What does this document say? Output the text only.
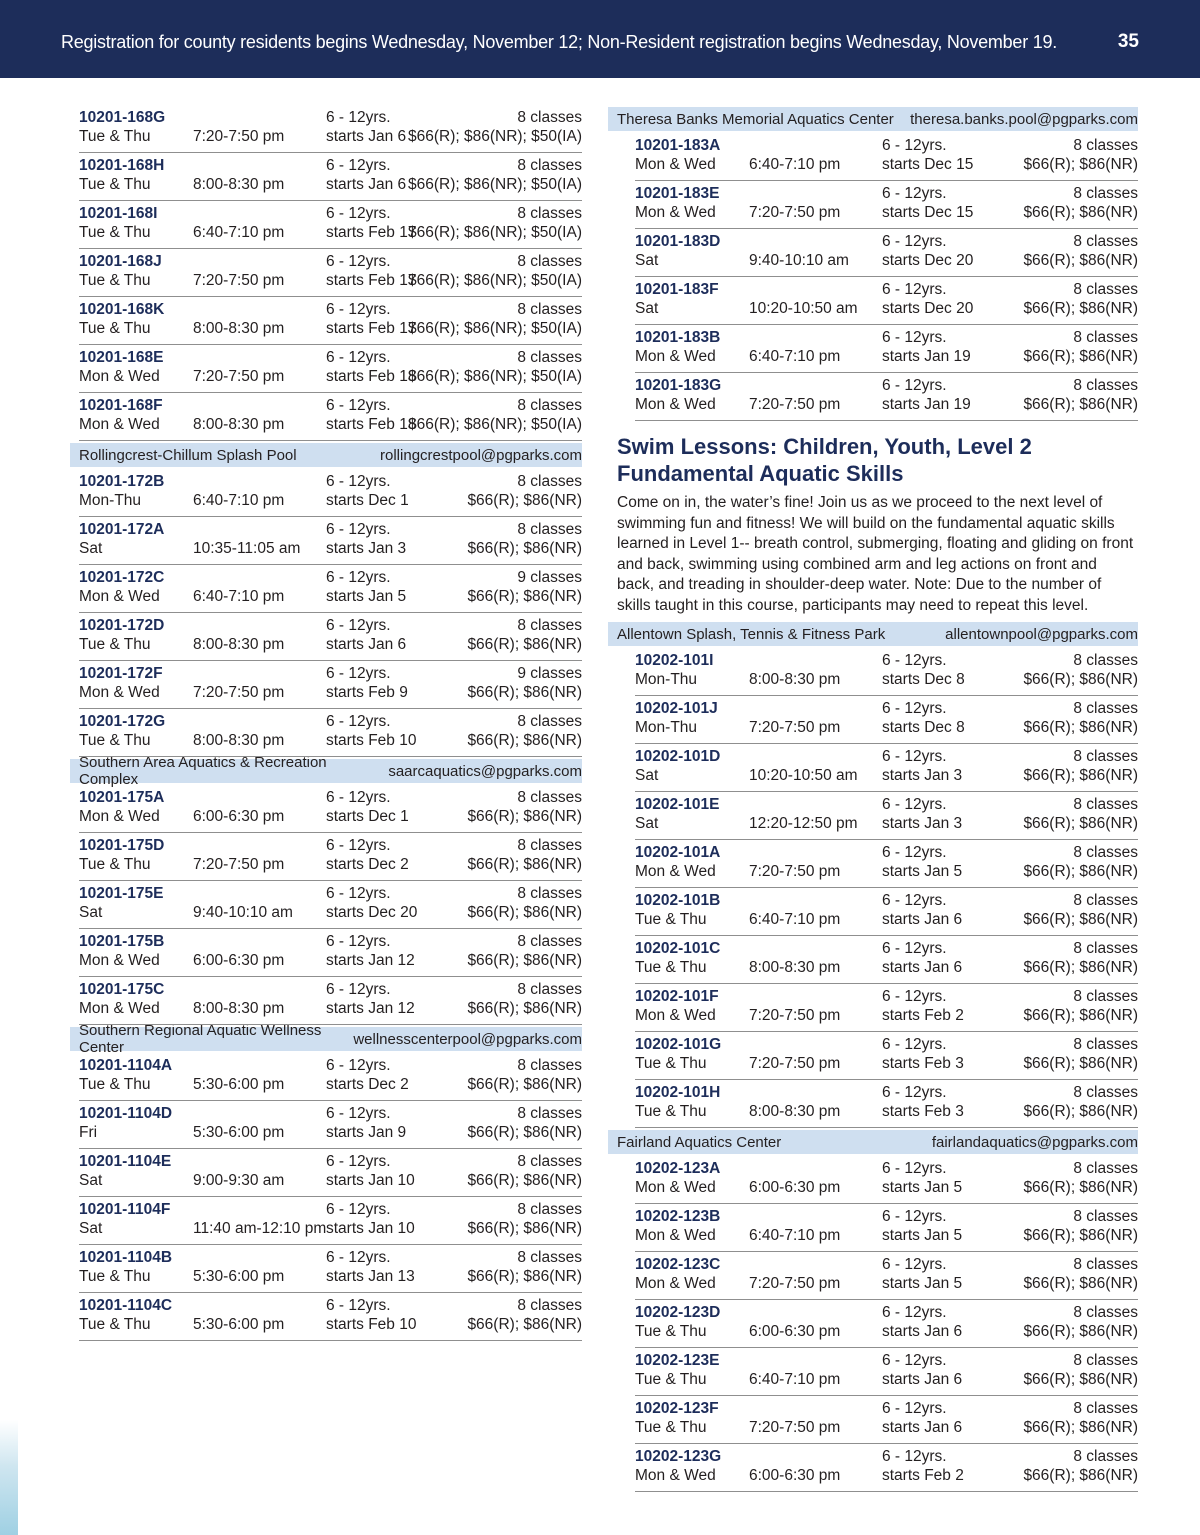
Registration for county residents begins Wednesday, November 12; Non-Resident registration begins Wednesday, November 19.	35
10201-168G	6 - 12yrs.	8 classes
Tue & Thu	7:20-7:50 pm	starts Jan 6 $66(R); $86(NR); $50(IA)
10201-168H	6 - 12yrs.	8 classes
Tue & Thu	8:00-8:30 pm	starts Jan 6 $66(R); $86(NR); $50(IA)
10201-168I	6 - 12yrs.	8 classes
Tue & Thu	6:40-7:10 pm	starts Feb 17
$66(R); $86(NR); $50(IA)
10201-168J	6 - 12yrs.	8 classes
Tue & Thu	7:20-7:50 pm	starts Feb 17
$66(R); $86(NR); $50(IA)
10201-168K	6 - 12yrs.	8 classes
Tue & Thu	8:00-8:30 pm	starts Feb 17
$66(R); $86(NR); $50(IA)
10201-168E	6 - 12yrs.	8 classes
Mon & Wed 7:20-7:50 pm	starts Feb 18
$66(R); $86(NR); $50(IA)
10201-168F	6 - 12yrs.	8 classes
Mon & Wed 8:00-8:30 pm	starts Feb 18
$66(R); $86(NR); $50(IA)
Rollingcrest-Chillum Splash Pool	rollingcrestpool@pgparks.com
10201-172B	6 - 12yrs.	8 classes
Mon-Thu	6:40-7:10 pm	starts Dec 1	$66(R); $86(NR)
10201-172A	6 - 12yrs.	8 classes
Sat	10:35-11:05 am starts Jan 3	$66(R); $86(NR)
10201-172C	6 - 12yrs.	9 classes
Mon & Wed 6:40-7:10 pm	starts Jan 5	$66(R); $86(NR)
10201-172D	6 - 12yrs.	8 classes
Tue & Thu	8:00-8:30 pm	starts Jan 6	$66(R); $86(NR)
10201-172F	6 - 12yrs.	9 classes
Mon & Wed 7:20-7:50 pm	starts Feb 9	$66(R); $86(NR)
10201-172G	6 - 12yrs.	8 classes
Tue & Thu	8:00-8:30 pm	starts Feb 10	$66(R); $86(NR)
Southern Area Aquatics & Recreation Complex	saarcaquatics@pgparks.com
10201-175A	6 - 12yrs.	8 classes
Mon & Wed 6:00-6:30 pm	starts Dec 1	$66(R); $86(NR)
10201-175D	6 - 12yrs.	8 classes
Tue & Thu	7:20-7:50 pm	starts Dec 2	$66(R); $86(NR)
10201-175E	6 - 12yrs.	8 classes
Sat	9:40-10:10 am starts Dec 20	$66(R); $86(NR)
10201-175B	6 - 12yrs.	8 classes
Mon & Wed 6:00-6:30 pm	starts Jan 12	$66(R); $86(NR)
10201-175C	6 - 12yrs.	8 classes
Mon & Wed 8:00-8:30 pm	starts Jan 12	$66(R); $86(NR)
Southern Regional Aquatic Wellness Center	wellnesscenterpool@pgparks.com
10201-1104A	6 - 12yrs.	8 classes
Tue & Thu	5:30-6:00 pm	starts Dec 2	$66(R); $86(NR)
10201-1104D	6 - 12yrs.	8 classes
Fri	5:30-6:00 pm	starts Jan 9	$66(R); $86(NR)
10201-1104E	6 - 12yrs.	8 classes
Sat	9:00-9:30 am	starts Jan 10	$66(R); $86(NR)
10201-1104F	6 - 12yrs.	8 classes
Sat	11:40 am-12:10 pm starts Jan 10	$66(R); $86(NR)
10201-1104B	6 - 12yrs.	8 classes
Tue & Thu	5:30-6:00 pm	starts Jan 13	$66(R); $86(NR)
10201-1104C	6 - 12yrs.	8 classes
Tue & Thu	5:30-6:00 pm	starts Feb 10	$66(R); $86(NR)
Theresa Banks Memorial Aquatics Center theresa.banks.pool@pgparks.com
10201-183A	6 - 12yrs.	8 classes
Mon & Wed 6:40-7:10 pm	starts Dec 15	$66(R); $86(NR)
10201-183E	6 - 12yrs.	8 classes
Mon & Wed 7:20-7:50 pm	starts Dec 15	$66(R); $86(NR)
10201-183D	6 - 12yrs.	8 classes
Sat	9:40-10:10 am starts Dec 20	$66(R); $86(NR)
10201-183F	6 - 12yrs.	8 classes
Sat	10:20-10:50 am starts Dec 20	$66(R); $86(NR)
10201-183B	6 - 12yrs.	8 classes
Mon & Wed 6:40-7:10 pm	starts Jan 19	$66(R); $86(NR)
10201-183G	6 - 12yrs.	8 classes
Mon & Wed 7:20-7:50 pm	starts Jan 19	$66(R); $86(NR)
Swim Lessons: Children, Youth, Level 2 Fundamental Aquatic Skills
Come on in, the water’s fine! Join us as we proceed to the next level of swimming fun and fitness! We will build on the fundamental aquatic skills learned in Level 1-- breath control, submerging, floating and gliding on front and back, swimming using combined arm and leg actions on front and back, and treading in shoulder-deep water. Note: Due to the number of skills taught in this course, participants may need to repeat this level.
Allentown Splash, Tennis & Fitness Park	allentownpool@pgparks.com
10202-101I	6 - 12yrs.	8 classes
Mon-Thu	8:00-8:30 pm	starts Dec 8	$66(R); $86(NR)
10202-101J	6 - 12yrs.	8 classes
Mon-Thu	7:20-7:50 pm	starts Dec 8	$66(R); $86(NR)
10202-101D	6 - 12yrs.	8 classes
Sat	10:20-10:50 am starts Jan 3	$66(R); $86(NR)
10202-101E	6 - 12yrs.	8 classes
Sat	12:20-12:50 pm starts Jan 3	$66(R); $86(NR)
10202-101A	6 - 12yrs.	8 classes
Mon & Wed 7:20-7:50 pm	starts Jan 5	$66(R); $86(NR)
10202-101B	6 - 12yrs.	8 classes
Tue & Thu	6:40-7:10 pm	starts Jan 6	$66(R); $86(NR)
10202-101C	6 - 12yrs.	8 classes
Tue & Thu	8:00-8:30 pm	starts Jan 6	$66(R); $86(NR)
10202-101F	6 - 12yrs.	8 classes
Mon & Wed 7:20-7:50 pm	starts Feb 2	$66(R); $86(NR)
10202-101G	6 - 12yrs.	8 classes
Tue & Thu	7:20-7:50 pm	starts Feb 3	$66(R); $86(NR)
10202-101H	6 - 12yrs.	8 classes
Tue & Thu	8:00-8:30 pm	starts Feb 3	$66(R); $86(NR)
Fairland Aquatics Center	fairlandaquatics@pgparks.com
10202-123A	6 - 12yrs.	8 classes
Mon & Wed 6:00-6:30 pm	starts Jan 5	$66(R); $86(NR)
10202-123B	6 - 12yrs.	8 classes
Mon & Wed 6:40-7:10 pm	starts Jan 5	$66(R); $86(NR)
10202-123C	6 - 12yrs.	8 classes
Mon & Wed 7:20-7:50 pm	starts Jan 5	$66(R); $86(NR)
10202-123D	6 - 12yrs.	8 classes
Tue & Thu	6:00-6:30 pm	starts Jan 6	$66(R); $86(NR)
10202-123E	6 - 12yrs.	8 classes
Tue & Thu	6:40-7:10 pm	starts Jan 6	$66(R); $86(NR)
10202-123F	6 - 12yrs.	8 classes
Tue & Thu	7:20-7:50 pm	starts Jan 6	$66(R); $86(NR)
10202-123G	6 - 12yrs.	8 classes
Mon & Wed 6:00-6:30 pm	starts Feb 2	$66(R); $86(NR)
